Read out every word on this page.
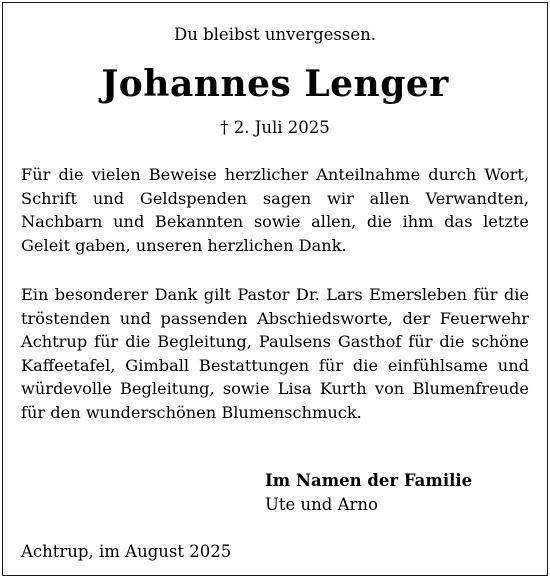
Du bleibst unvergessen.
Johannes Lenger
† 2. Juli 2025

Für die vielen Beweise herzlicher Anteilnahme durch Wort, Schrift und Geldspenden sagen wir allen Verwandten, Nachbarn und Bekannten sowie allen, die ihm das letzte Geleit gaben, unseren herzlichen Dank.

Ein besonderer Dank gilt Pastor Dr. Lars Emersleben für die tröstenden und passenden Abschiedsworte, der Feuerwehr Achtrup für die Begleitung, Paulsens Gasthof für die schöne Kaffeetafel, Gimball Bestattungen für die einfühlsame und würdevolle Begleitung, sowie Lisa Kurth von Blumenfreude für den wunderschönen Blumenschmuck.

Im Namen der Familie
Ute und Arno
Achtrup, im August 2025
